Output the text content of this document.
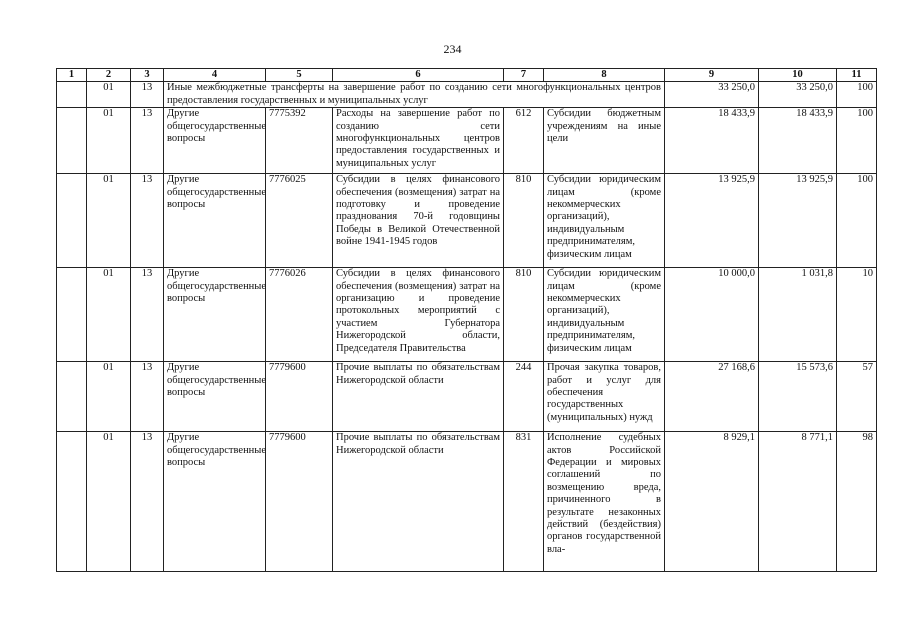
234
1	2	3	4	5	6	7	8	9	10	11
	01	13	Иные межбюджетные трансферты на завершение работ по созданию сети многофункциональных центров предоставления государственных и муниципальных услуг					33 250,0	33 250,0	100
	01	13	Другие общегосударственные вопросы	7775392	Расходы на завершение работ по созданию сети многофункциональных центров предоставления государственных и муниципальных услуг	612	Субсидии бюджетным учреждениям на иные цели	18 433,9	18 433,9	100
	01	13	Другие общегосударственные вопросы	7776025	Субсидии в целях финансового обеспечения (возмещения) затрат на подготовку и проведение празднования 70-й годовщины Победы в Великой Отечественной войне 1941-1945 годов	810	Субсидии юридическим лицам (кроме некоммерческих организаций), индивидуальным предпринимателям, физическим лицам	13 925,9	13 925,9	100
	01	13	Другие общегосударственные вопросы	7776026	Субсидии в целях финансового обеспечения (возмещения) затрат на организацию и проведение протокольных мероприятий с участием Губернатора Нижегородской области, Председателя Правительства	810	Субсидии юридическим лицам (кроме некоммерческих организаций), индивидуальным предпринимателям, физическим лицам	10 000,0	1 031,8	10
	01	13	Другие общегосударственные вопросы	7779600	Прочие выплаты по обязательствам Нижегородской области	244	Прочая закупка товаров, работ и услуг для обеспечения государственных (муниципальных) нужд	27 168,6	15 573,6	57
	01	13	Другие общегосударственные вопросы	7779600	Прочие выплаты по обязательствам Нижегородской области	831	Исполнение судебных актов Российской Федерации и мировых соглашений по возмещению вреда, причиненного в результате незаконных действий (бездействия) органов государственной вла-	8 929,1	8 771,1	98
